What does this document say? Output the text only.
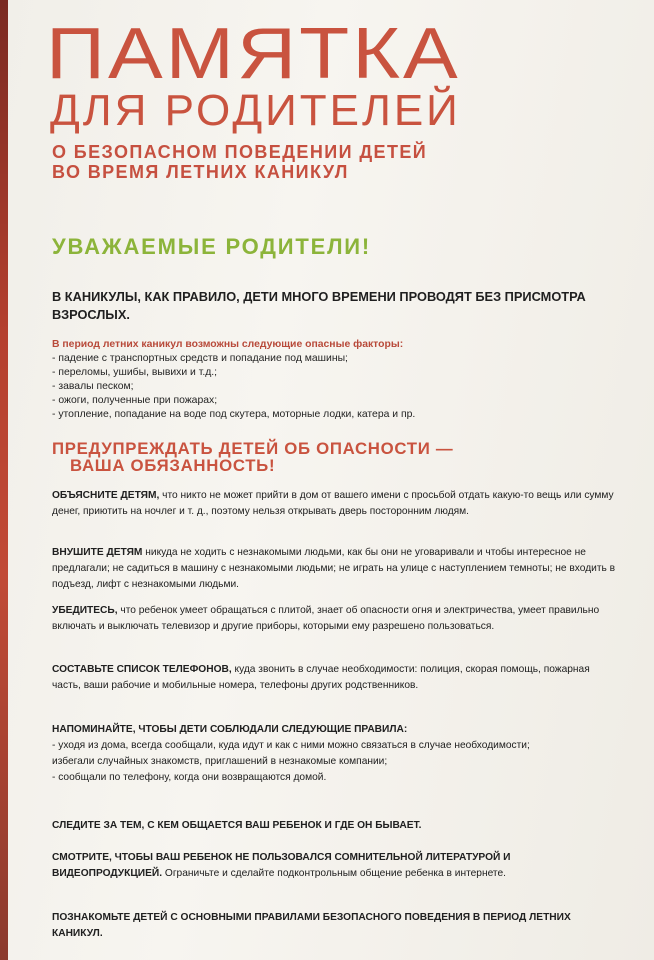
ПАМЯТКА
ДЛЯ РОДИТЕЛЕЙ
О БЕЗОПАСНОМ ПОВЕДЕНИИ ДЕТЕЙ
ВО ВРЕМЯ ЛЕТНИХ КАНИКУЛ
УВАЖАЕМЫЕ РОДИТЕЛИ!
В КАНИКУЛЫ, КАК ПРАВИЛО, ДЕТИ МНОГО ВРЕМЕНИ ПРОВОДЯТ БЕЗ ПРИСМОТРА ВЗРОСЛЫХ.
В период летних каникул возможны следующие опасные факторы:
- падение с транспортных средств и попадание под машины;
- переломы, ушибы, вывихи и т.д.;
- завалы песком;
- ожоги, полученные при пожарах;
- утопление, попадание на воде под скутера, моторные лодки, катера и пр.
ПРЕДУПРЕЖДАТЬ ДЕТЕЙ ОБ ОПАСНОСТИ —
ВАША ОБЯЗАННОСТЬ!
ОБЪЯСНИТЕ ДЕТЯМ, что никто не может прийти в дом от вашего имени с просьбой отдать какую-то вещь или сумму денег, приютить на ночлег и т. д., поэтому нельзя открывать дверь посторонним людям.
ВНУШИТЕ ДЕТЯМ никуда не ходить с незнакомыми людьми, как бы они не уговаривали и чтобы интересное не предлагали; не садиться в машину с незнакомыми людьми; не играть на улице с наступлением темноты; не входить в подъезд, лифт с незнакомыми людьми.
УБЕДИТЕСЬ, что ребенок умеет обращаться с плитой, знает об опасности огня и электричества, умеет правильно включать и выключать телевизор и другие приборы, которыми ему разрешено пользоваться.
СОСТАВЬТЕ СПИСОК ТЕЛЕФОНОВ, куда звонить в случае необходимости: полиция, скорая помощь, пожарная часть, ваши рабочие и мобильные номера, телефоны других родственников.
НАПОМИНАЙТЕ, ЧТОБЫ ДЕТИ СОБЛЮДАЛИ СЛЕДУЮЩИЕ ПРАВИЛА:
- уходя из дома, всегда сообщали, куда идут и как с ними можно связаться в случае необходимости;
избегали случайных знакомств, приглашений в незнакомые компании;
- сообщали по телефону, когда они возвращаются домой.
СЛЕДИТЕ ЗА ТЕМ, С КЕМ ОБЩАЕТСЯ ВАШ РЕБЕНОК И ГДЕ ОН БЫВАЕТ.
СМОТРИТЕ, ЧТОБЫ ВАШ РЕБЕНОК НЕ ПОЛЬЗОВАЛСЯ СОМНИТЕЛЬНОЙ ЛИТЕРАТУРОЙ И ВИДЕОПРОДУКЦИЕЙ. Ограничьте и сделайте подконтрольным общение ребенка в интернете.
ПОЗНАКОМЬТЕ ДЕТЕЙ С ОСНОВНЫМИ ПРАВИЛАМИ БЕЗОПАСНОГО ПОВЕДЕНИЯ В ПЕРИОД ЛЕТНИХ КАНИКУЛ.
